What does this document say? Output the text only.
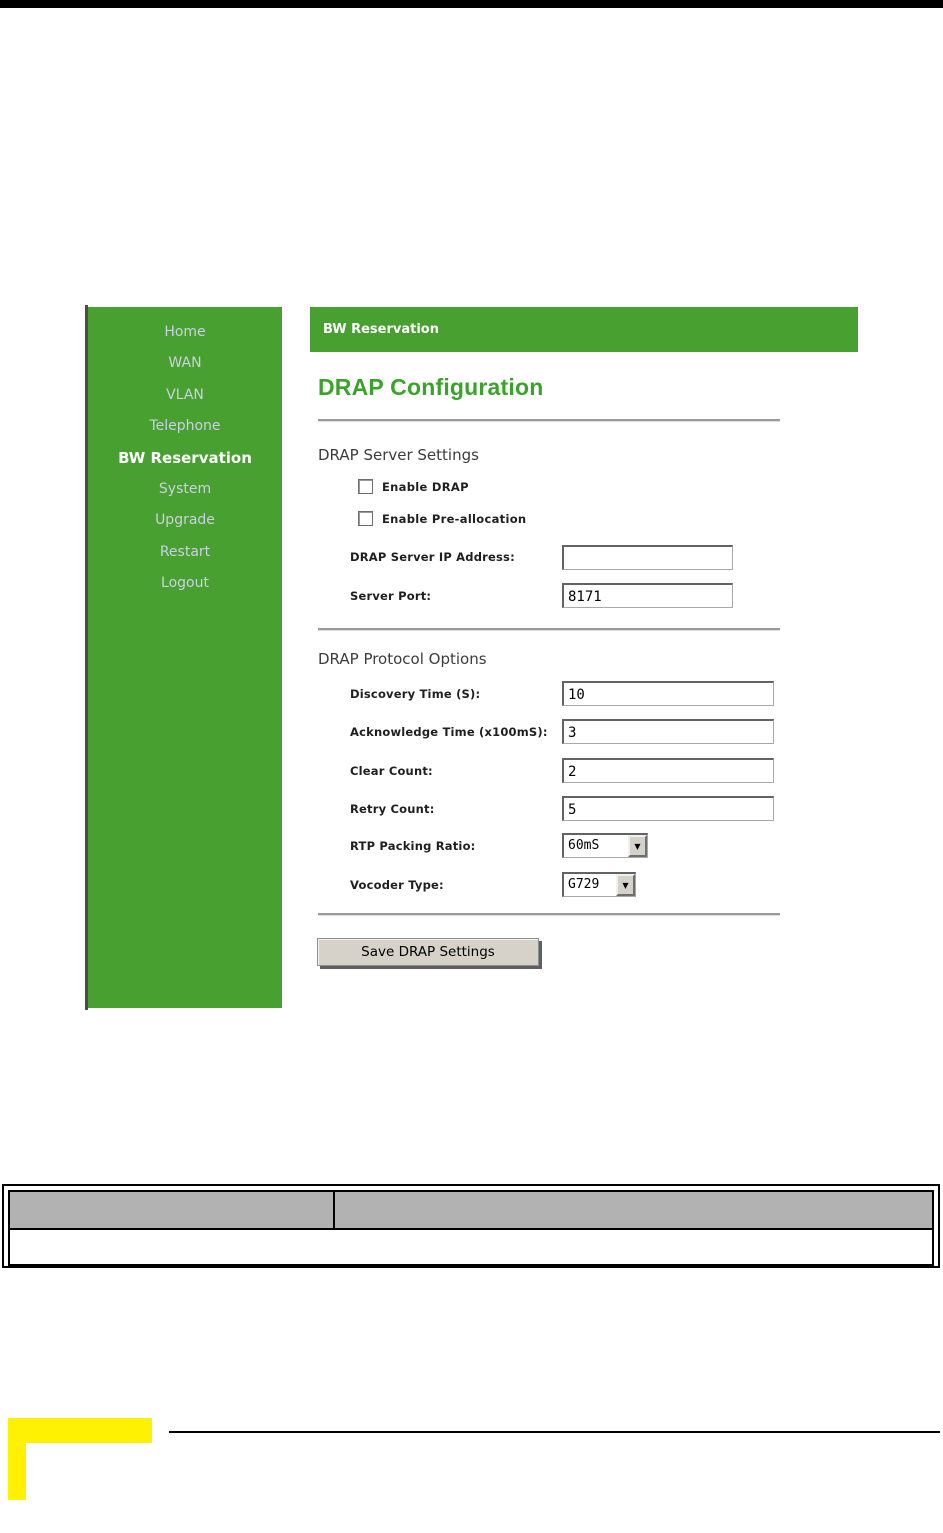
Home
WAN
VLAN
Telephone
BW Reservation
System
Upgrade
Restart
Logout
BW Reservation
DRAP Configuration
DRAP Server Settings
Enable DRAP
Enable Pre-allocation
DRAP Server IP Address:
Server Port:
8171
DRAP Protocol Options
Discovery Time (S):
10
Acknowledge Time (x100mS):
3
Clear Count:
2
Retry Count:
5
RTP Packing Ratio:	60mS	▼
Vocoder Type:	G729	▼
Save DRAP Settings
